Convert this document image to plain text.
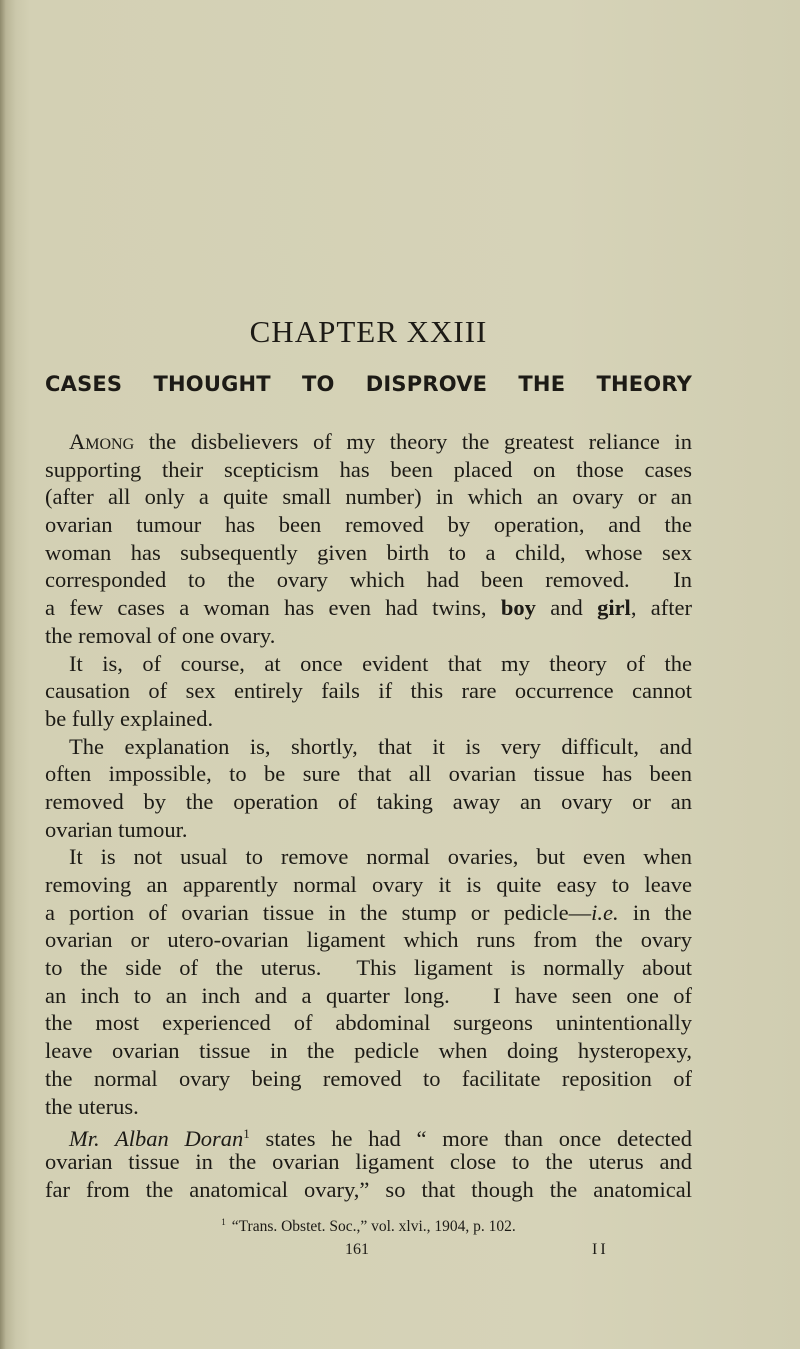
CHAPTER XXIII
CASES THOUGHT TO DISPROVE THE THEORY
Among the disbelievers of my theory the greatest reliance in
supporting their scepticism has been placed on those cases
(after all only a quite small number) in which an ovary or an
ovarian tumour has been removed by operation, and the
woman has subsequently given birth to a child, whose sex
corresponded to the ovary which had been removed.  In
a few cases a woman has even had twins, boy and girl, after
the removal of one ovary.
It is, of course, at once evident that my theory of the
causation of sex entirely fails if this rare occurrence cannot
be fully explained.
The explanation is, shortly, that it is very difficult, and
often impossible, to be sure that all ovarian tissue has been
removed by the operation of taking away an ovary or an
ovarian tumour.
It is not usual to remove normal ovaries, but even when
removing an apparently normal ovary it is quite easy to leave
a portion of ovarian tissue in the stump or pedicle—i.e. in the
ovarian or utero-ovarian ligament which runs from the ovary
to the side of the uterus.  This ligament is normally about
an inch to an inch and a quarter long.   I have seen one of
the most experienced of abdominal surgeons unintentionally
leave ovarian tissue in the pedicle when doing hysteropexy,
the normal ovary being removed to facilitate reposition of
the uterus.
Mr. Alban Doran$^1$ states he had “ more than once detected
ovarian tissue in the ovarian ligament close to the uterus and
far from the anatomical ovary,” so that though the anatomical
$^1$ “Trans. Obstet. Soc.,” vol. xlvi., 1904, p. 102.
161	II
